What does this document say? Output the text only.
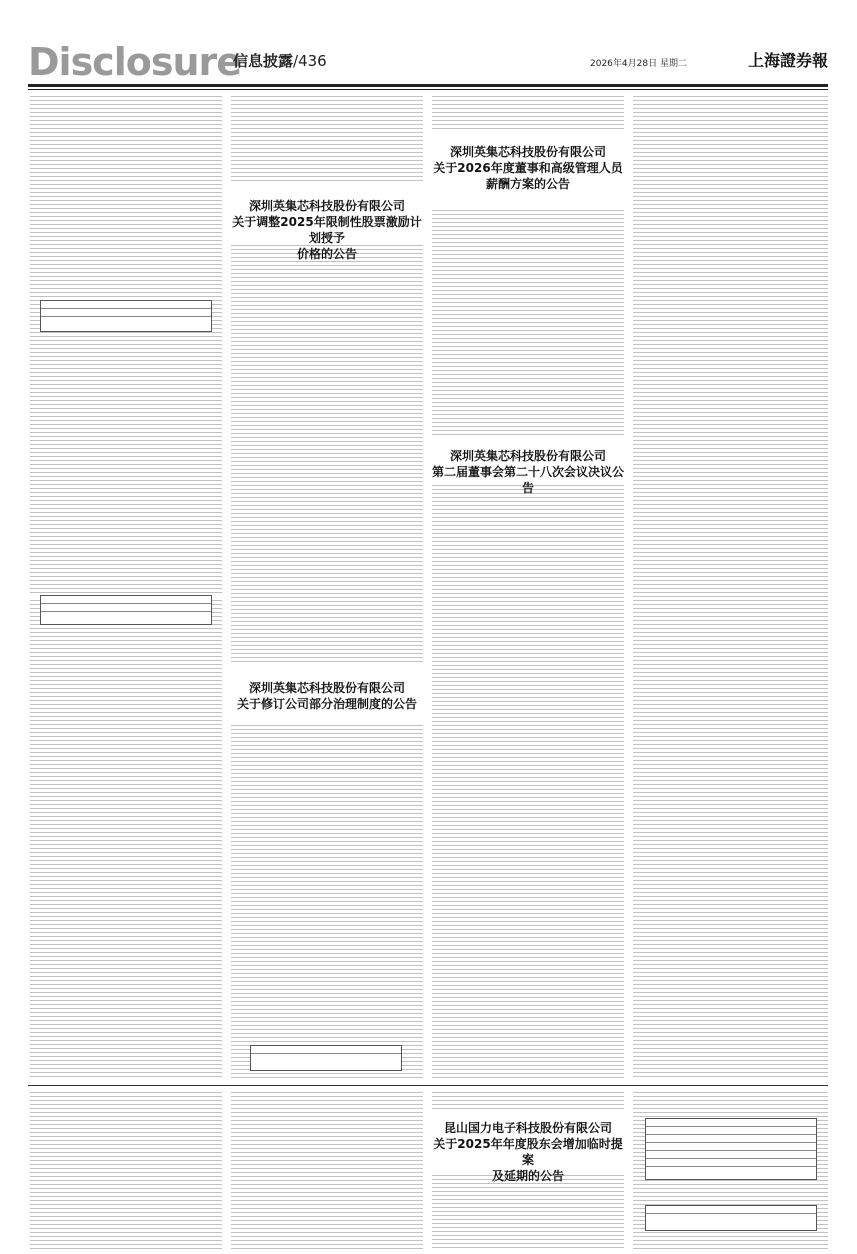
Disclosure
信息披露/436	2026年4月28日 星期二	上海證券報

深圳英集芯科技股份有限公司
关于调整2025年限制性股票激励计划授予
价格的公告

深圳英集芯科技股份有限公司
关于修订公司部分治理制度的公告

深圳英集芯科技股份有限公司
关于2026年度董事和高级管理人员
薪酬方案的公告

深圳英集芯科技股份有限公司
第二届董事会第二十八次会议决议公告

昆山国力电子科技股份有限公司
关于2025年年度股东会增加临时提案
及延期的公告
